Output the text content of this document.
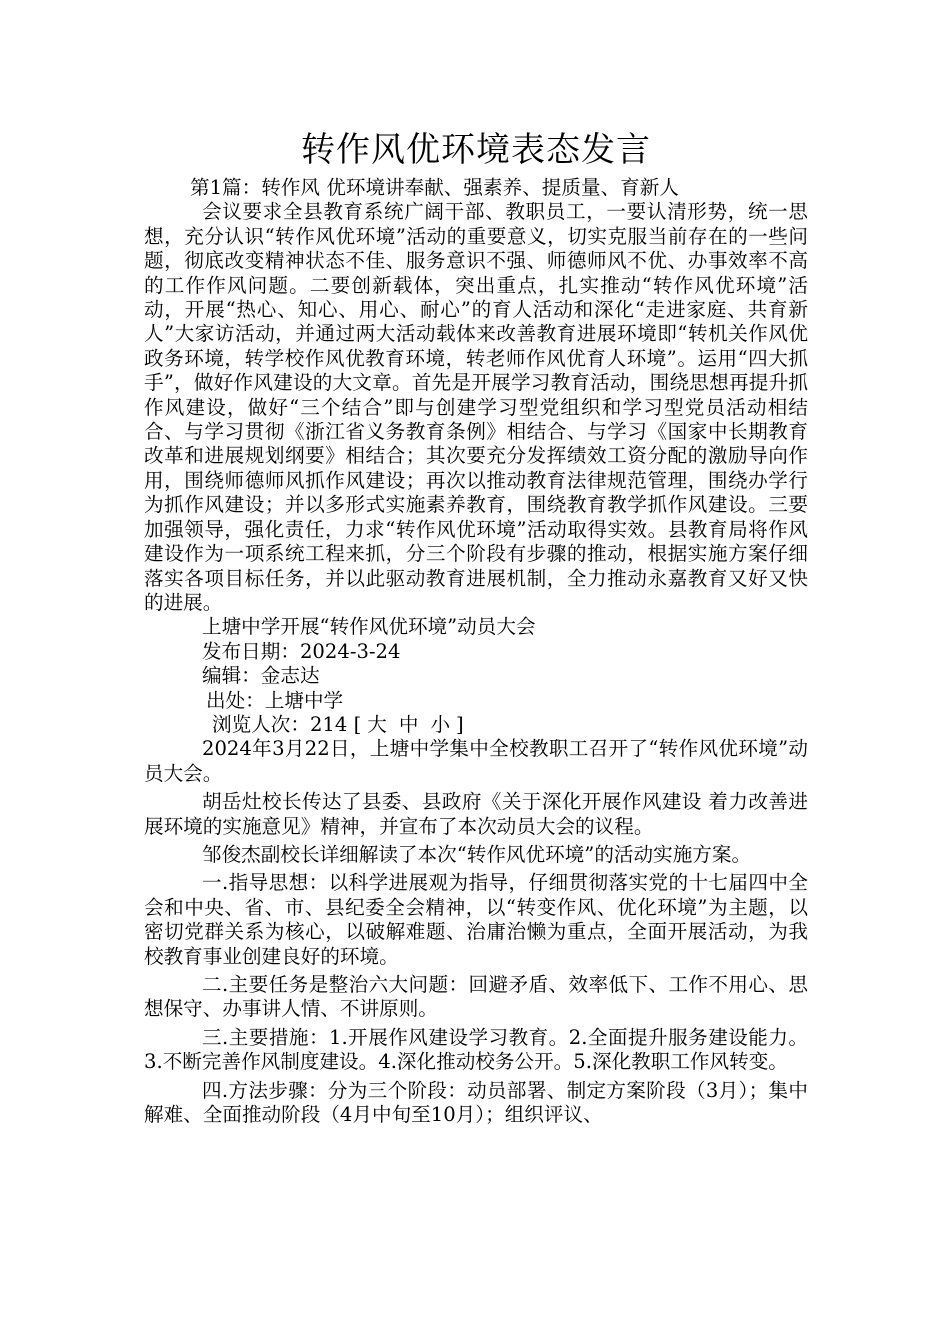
转作风优环境表态发言

第1篇：转作风 优环境讲奉献、强素养、提质量、育新人

会议要求全县教育系统广阔干部、教职员工，一要认清形势，统一思想，充分认识“转作风优环境”活动的重要意义，切实克服当前存在的一些问题，彻底改变精神状态不佳、服务意识不强、师德师风不优、办事效率不高的工作作风问题。二要创新载体，突出重点，扎实推动“转作风优环境”活动，开展“热心、知心、用心、耐心”的育人活动和深化“走进家庭、共育新人”大家访活动，并通过两大活动载体来改善教育进展环境即“转机关作风优政务环境，转学校作风优教育环境，转老师作风优育人环境”。运用“四大抓手”，做好作风建设的大文章。首先是开展学习教育活动，围绕思想再提升抓作风建设，做好“三个结合”即与创建学习型党组织和学习型党员活动相结合、与学习贯彻《浙江省义务教育条例》相结合、与学习《国家中长期教育改革和进展规划纲要》相结合；其次要充分发挥绩效工资分配的激励导向作用，围绕师德师风抓作风建设；再次以推动教育法律规范管理，围绕办学行为抓作风建设；并以多形式实施素养教育，围绕教育教学抓作风建设。三要加强领导，强化责任，力求“转作风优环境”活动取得实效。县教育局将作风建设作为一项系统工程来抓，分三个阶段有步骤的推动，根据实施方案仔细落实各项目标任务，并以此驱动教育进展机制，全力推动永嘉教育又好又快的进展。

上塘中学开展“转作风优环境”动员大会

发布日期：2024-3-24

编辑：金志达

出处：上塘中学

浏览人次：214 [ 大 中 小 ]

2024年3月22日，上塘中学集中全校教职工召开了“转作风优环境”动员大会。

胡岳灶校长传达了县委、县政府《关于深化开展作风建设 着力改善进展环境的实施意见》精神，并宣布了本次动员大会的议程。

邹俊杰副校长详细解读了本次“转作风优环境”的活动实施方案。

一.指导思想：以科学进展观为指导，仔细贯彻落实党的十七届四中全会和中央、省、市、县纪委全会精神，以“转变作风、优化环境”为主题，以密切党群关系为核心，以破解难题、治庸治懒为重点，全面开展活动，为我校教育事业创建良好的环境。

二.主要任务是整治六大问题：回避矛盾、效率低下、工作不用心、思想保守、办事讲人情、不讲原则。

三.主要措施：1.开展作风建设学习教育。2.全面提升服务建设能力。3.不断完善作风制度建设。4.深化推动校务公开。5.深化教职工作风转变。

四.方法步骤：分为三个阶段：动员部署、制定方案阶段（3月）；集中解难、全面推动阶段（4月中旬至10月）；组织评议、
